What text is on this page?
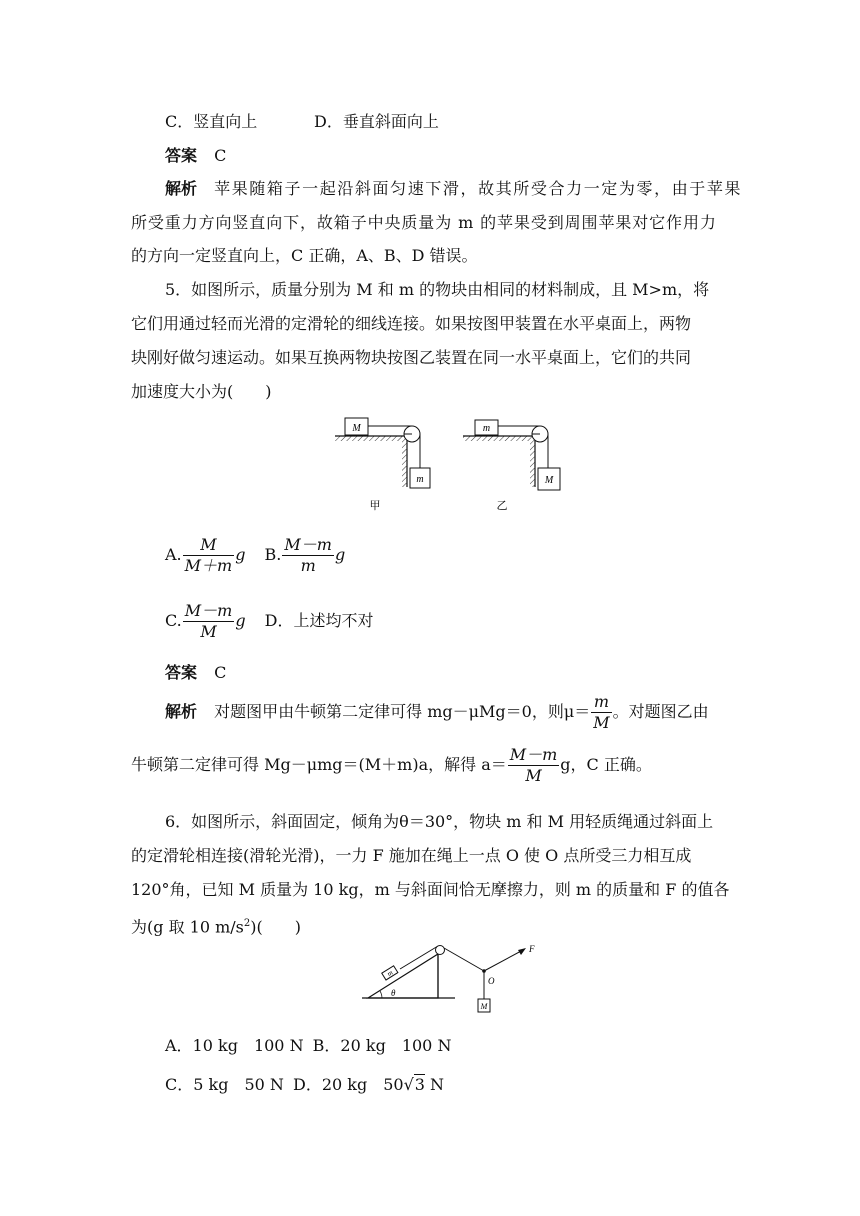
C．竖直向上	D．垂直斜面向上
答案 C
解析 苹果随箱子一起沿斜面匀速下滑，故其所受合力一定为零，由于苹果
所受重力方向竖直向下，故箱子中央质量为 m 的苹果受到周围苹果对它作用力
的方向一定竖直向上，C 正确，A、B、D 错误。
5．如图所示，质量分别为 M 和 m 的物块由相同的材料制成，且 M>m，将
它们用通过轻而光滑的定滑轮的细线连接。如果按图甲装置在水平桌面上，两物
块刚好做匀速运动。如果互换两物块按图乙装置在同一水平桌面上，它们的共同
加速度大小为(　　)
M
m
甲
m
M
乙
A. $\frac{M}{M+m}$ g B. $\frac{M-m}{m}$ g
C. $\frac{M-m}{M}$ g D．上述均不对
答案 C
解析 对题图甲由牛顿第二定律可得 mg－μMg＝0，则$\mu= \frac{m}{M}$ 。对题图乙由
牛顿第二定律可得 Mg－μmg＝(M＋m)a，解得 $a= \frac{M-m}{M}$ g，C 正确。
6．如图所示，斜面固定，倾角为θ＝30°，物块 m 和 M 用轻质绳通过斜面上
的定滑轮相连接(滑轮光滑)，一力 F 施加在绳上一点 O 使 O 点所受三力相互成
120°角，已知 M 质量为 10 kg，m 与斜面间恰无摩擦力，则 m 的质量和 F 的值各
为(g 取 10 $m/s^2$)(　　)
θ
m
O
F
M
A．10 kg　100 N B．20 kg　100 N
C．5 kg　50 N D．20 kg　50√3 N
